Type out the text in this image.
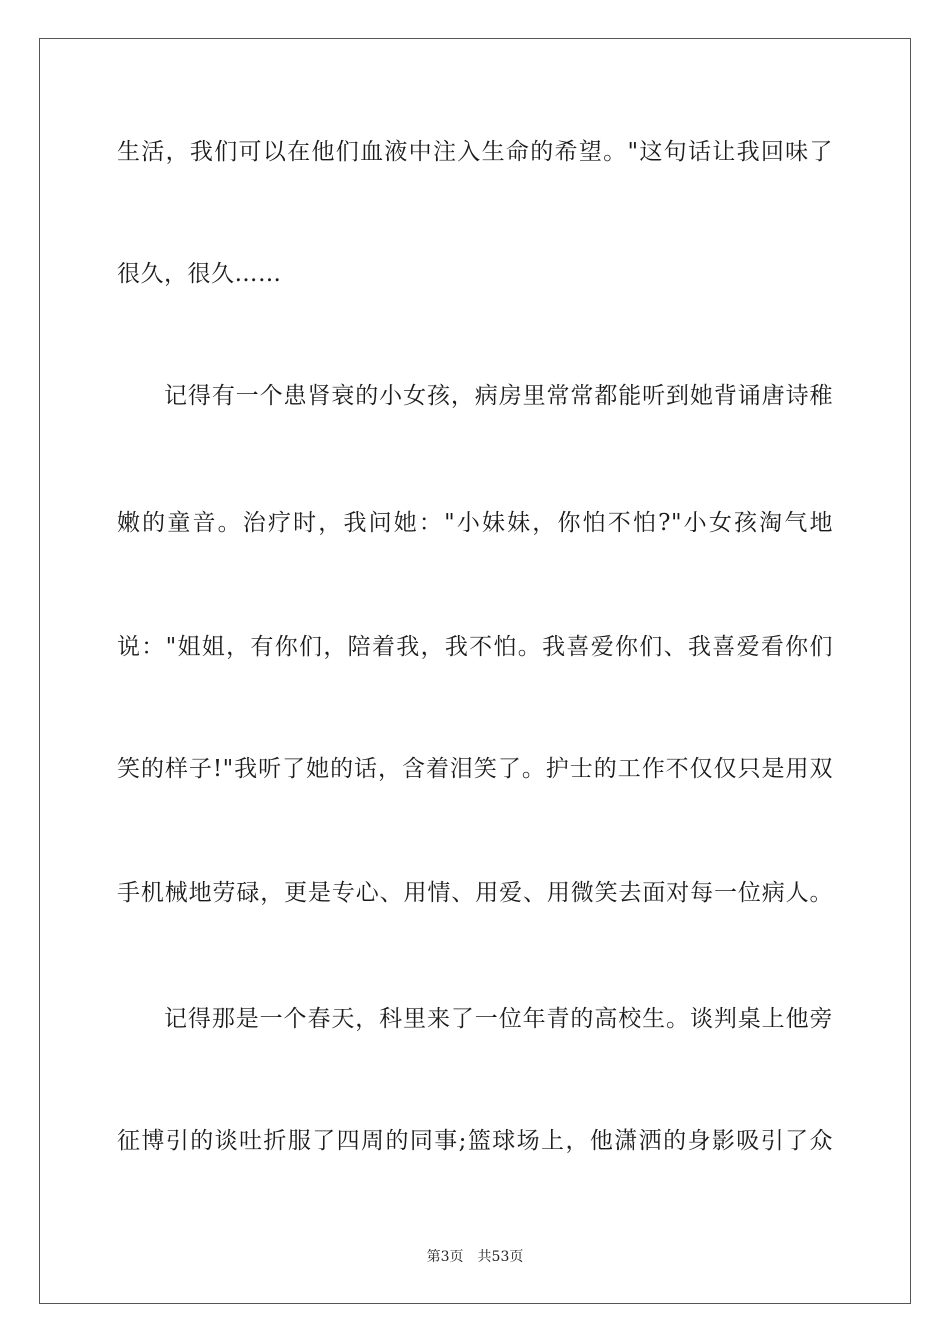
生活，我们可以在他们血液中注入生命的希望。"这句话让我回味了
很久，很久……
记得有一个患肾衰的小女孩，病房里常常都能听到她背诵唐诗稚
嫩的童音。治疗时，我问她："小妹妹，你怕不怕?"小女孩淘气地
说："姐姐，有你们，陪着我，我不怕。我喜爱你们、我喜爱看你们
笑的样子!"我听了她的话，含着泪笑了。护士的工作不仅仅只是用双
手机械地劳碌，更是专心、用情、用爱、用微笑去面对每一位病人。
记得那是一个春天，科里来了一位年青的高校生。谈判桌上他旁
征博引的谈吐折服了四周的同事;篮球场上，他潇洒的身影吸引了众
第3页 共53页
